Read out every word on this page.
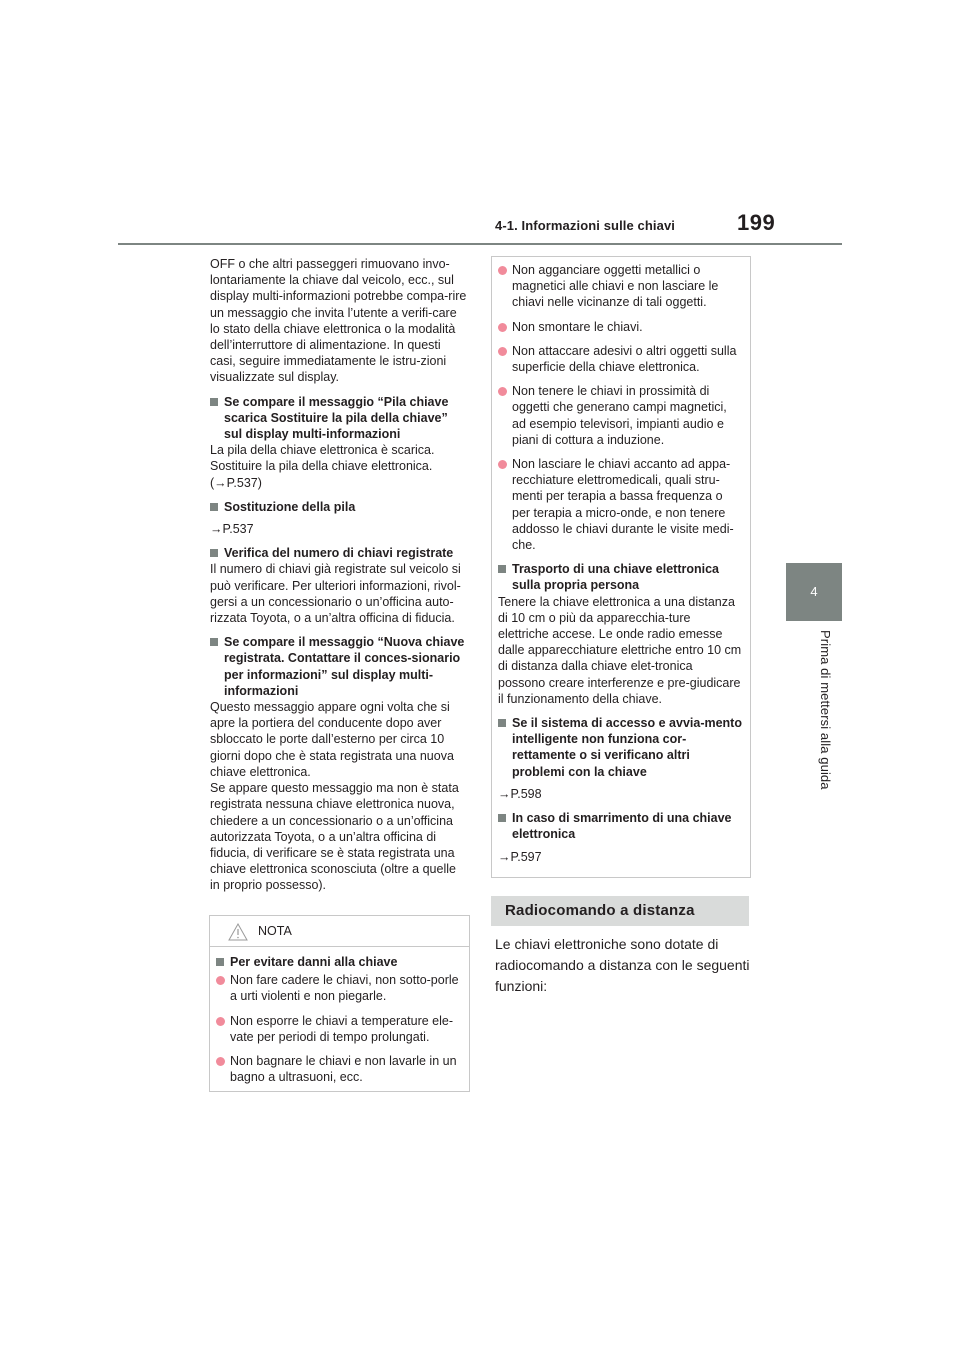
4-1. Informazioni sulle chiavi	199
4
Prima di mettersi alla guida

OFF o che altri passeggeri rimuovano invo-lontariamente la chiave dal veicolo, ecc., sul display multi-informazioni potrebbe compa-rire un messaggio che invita l’utente a verifi-care lo stato della chiave elettronica o la modalità dell’interruttore di alimentazione. In questi casi, seguire immediatamente le istru-zioni visualizzate sul display.

Se compare il messaggio “Pila chiave scarica Sostituire la pila della chiave” sul display multi-informazioni

La pila della chiave elettronica è scarica. Sostituire la pila della chiave elettronica. (→P.537)

Sostituzione della pila

→P.537

Verifica del numero di chiavi registrate

Il numero di chiavi già registrate sul veicolo si può verificare. Per ulteriori informazioni, rivol-gersi a un concessionario o un’officina auto-rizzata Toyota, o a un’altra officina di fiducia.

Se compare il messaggio “Nuova chiave registrata. Contattare il conces-sionario per informazioni” sul display multi-informazioni

Questo messaggio appare ogni volta che si apre la portiera del conducente dopo aver sbloccato le porte dall’esterno per circa 10 giorni dopo che è stata registrata una nuova chiave elettronica.

Se appare questo messaggio ma non è stata registrata nessuna chiave elettronica nuova, chiedere a un concessionario o a un’officina autorizzata Toyota, o a un’altra officina di fiducia, di verificare se è stata registrata una chiave elettronica sconosciuta (oltre a quelle in proprio possesso).

NOTA

Per evitare danni alla chiave

Non fare cadere le chiavi, non sotto-porle a urti violenti e non piegarle.

Non esporre le chiavi a temperature ele-vate per periodi di tempo prolungati.

Non bagnare le chiavi e non lavarle in un bagno a ultrasuoni, ecc.

Non agganciare oggetti metallici o magnetici alle chiavi e non lasciare le chiavi nelle vicinanze di tali oggetti.

Non smontare le chiavi.

Non attaccare adesivi o altri oggetti sulla superficie della chiave elettronica.

Non tenere le chiavi in prossimità di oggetti che generano campi magnetici, ad esempio televisori, impianti audio e piani di cottura a induzione.

Non lasciare le chiavi accanto ad appa-recchiature elettromedicali, quali stru-menti per terapia a bassa frequenza o per terapia a micro-onde, e non tenere addosso le chiavi durante le visite medi-che.

Trasporto di una chiave elettronica sulla propria persona

Tenere la chiave elettronica a una distanza di 10 cm o più da apparecchia-ture elettriche accese. Le onde radio emesse dalle apparecchiature elettriche entro 10 cm di distanza dalla chiave elet-tronica possono creare interferenze e pre-giudicare il funzionamento della chiave.

Se il sistema di accesso e avvia-mento intelligente non funziona cor-rettamente o si verificano altri problemi con la chiave

→P.598

In caso di smarrimento di una chiave elettronica

→P.597

Radiocomando a distanza
Le chiavi elettroniche sono dotate di radiocomando a distanza con le seguenti funzioni:
